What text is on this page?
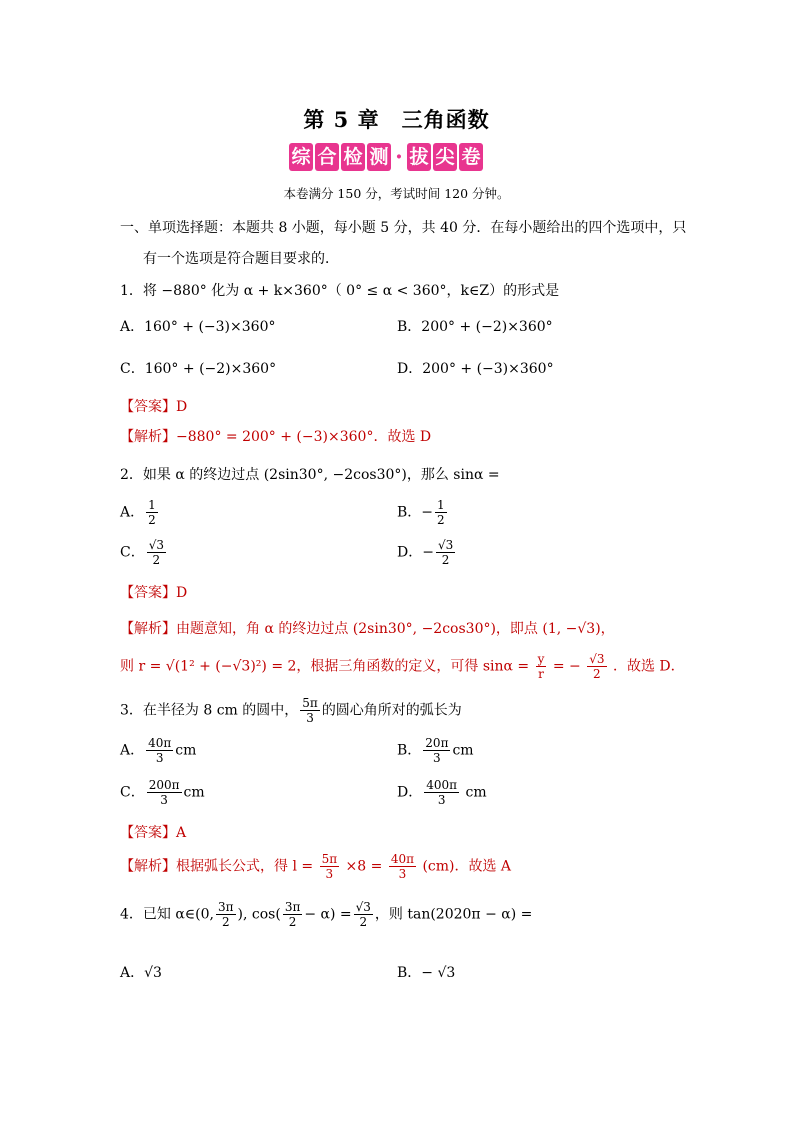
第 5 章　三角函数
综 合 检 测 · 拔 尖 卷
本卷满分 150 分，考试时间 120 分钟。
一、单项选择题：本题共 8 小题，每小题 5 分，共 40 分．在每小题给出的四个选项中，只
有一个选项是符合题目要求的．
1．将 −880° 化为 α + k×360°（ 0° ≤ α < 360°，k∈Z）的形式是
A．160° + (−3)×360°	B．200° + (−2)×360°
C．160° + (−2)×360°	D．200° + (−3)×360°
【答案】D
【解析】−880° = 200° + (−3)×360°．故选 D
2．如果 α 的终边过点 (2sin30°, −2cos30°)，那么 sinα =
A． $\frac{1}{2}$	B．− $\frac{1}{2}$
C． $\frac{√3}{2}$	D．− $\frac{√3}{2}$
【答案】D
【解析】由题意知，角 α 的终边过点 (2sin30°, −2cos30°)，即点 (1, −√3)，
则 r = √(1² + (−√3)²) = 2，根据三角函数的定义，可得 $\sin\alpha = \frac{y}{r}$ = − $\frac{√3}{2}$ ．故选 D．
3．在半径为 8 cm 的圆中， $\frac{5\pi}{3}$ 的圆心角所对的弧长为
A． $\frac{40\pi}{3}$ cm	B． $\frac{20\pi}{3}$ cm
C． $\frac{200\pi}{3}$ cm	D． $\frac{400\pi}{3}$ cm
【答案】A
【解析】根据弧长公式，得 $l = \frac{5\pi}{3} \times 8 = \frac{40\pi}{3} (cm)$．故选 A
4．已知 α∈(0, $\frac{3\pi}{2}$ ), $\cos( \frac{3\pi}{2} - \alpha) = \frac{√3}{2}$ ，则 tan(2020π − α) =
A．√3	B．− √3
